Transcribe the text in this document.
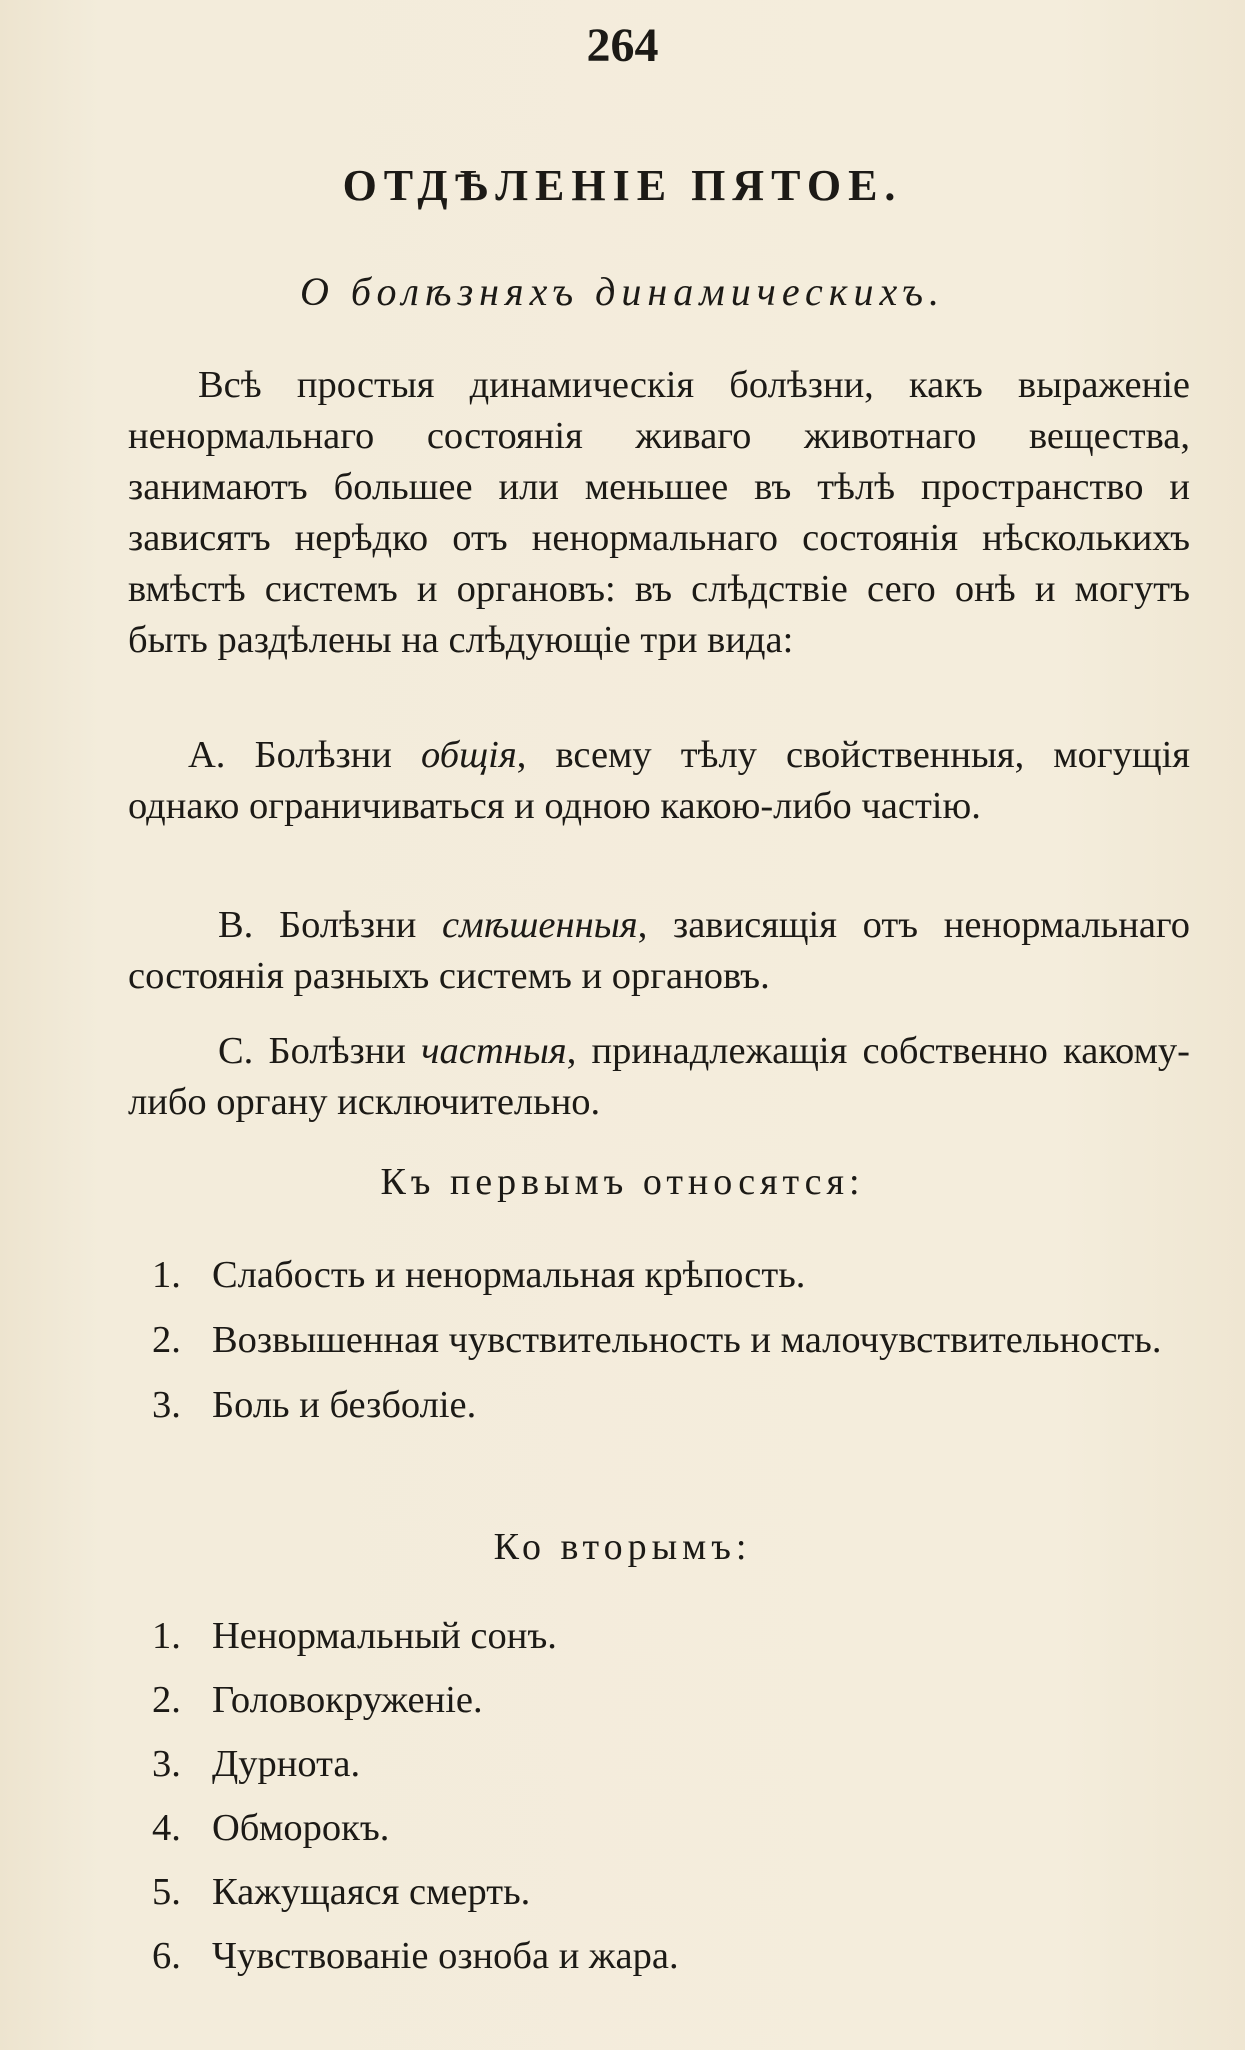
264
ОТДѢЛЕНІЕ ПЯТОЕ.
О болѣзняхъ динамическихъ.

Всѣ простыя динамическія болѣзни, какъ выраженіе ненормальнаго состоянія живаго животнаго вещества, занимаютъ большее или меньшее въ тѣлѣ пространство и зависятъ нерѣдко отъ ненормальнаго состоянія нѣсколькихъ вмѣстѣ системъ и органовъ: въ слѣдствіе сего онѣ и могутъ быть раздѣлены на слѣдующіе три вида:

А. Болѣзни общія, всему тѣлу свойственныя, могущія однако ограничиваться и одною какою-либо частію.

В. Болѣзни смѣшенныя, зависящія отъ ненормальнаго состоянія разныхъ системъ и органовъ.

С. Болѣзни частныя, принадлежащія собственно какому-либо органу исключительно.

Къ первымъ относятся:
1. Слабость и ненормальная крѣпость.
2. Возвышенная чувствительность и малочувствительность.
3. Боль и безболіе.
Ко вторымъ:
1. Ненормальный сонъ.
2. Головокруженіе.
3. Дурнота.
4. Обморокъ.
5. Кажущаяся смерть.
6. Чувствованіе озноба и жара.
